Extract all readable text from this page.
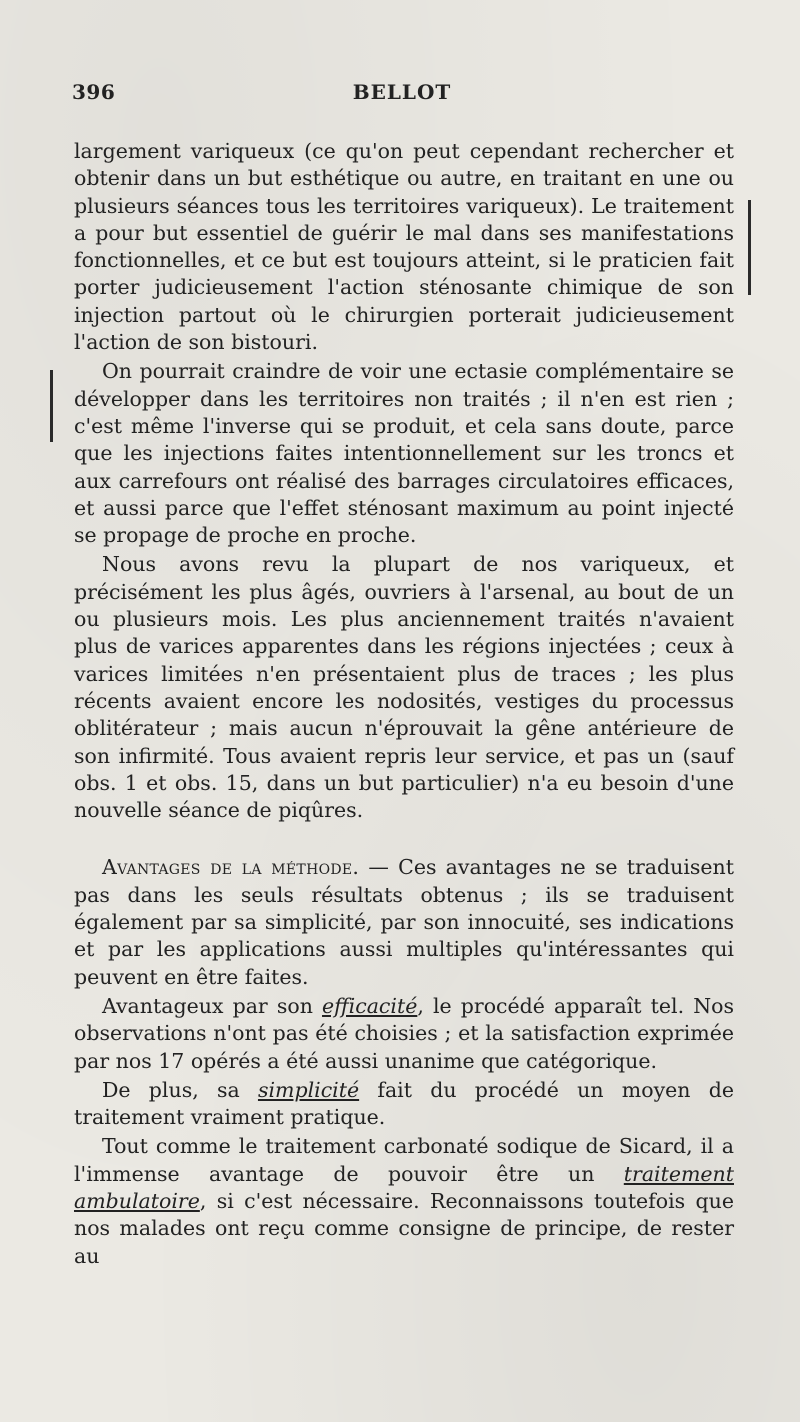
396	BELLOT

largement variqueux (ce qu'on peut cependant rechercher et obtenir dans un but esthétique ou autre, en traitant en une ou plusieurs séances tous les territoires variqueux). Le traitement a pour but essentiel de guérir le mal dans ses manifestations fonctionnelles, et ce but est toujours atteint, si le praticien fait porter judicieusement l'action sténosante chimique de son injection partout où le chirurgien porterait judicieusement l'action de son bistouri.

On pourrait craindre de voir une ectasie complémentaire se développer dans les territoires non traités ; il n'en est rien ; c'est même l'inverse qui se produit, et cela sans doute, parce que les injections faites intentionnellement sur les troncs et aux carrefours ont réalisé des barrages circulatoires efficaces, et aussi parce que l'effet sténosant maximum au point injecté se propage de proche en proche.

Nous avons revu la plupart de nos variqueux, et précisément les plus âgés, ouvriers à l'arsenal, au bout de un ou plusieurs mois. Les plus anciennement traités n'avaient plus de varices apparentes dans les régions injectées ; ceux à varices limitées n'en présentaient plus de traces ; les plus récents avaient encore les nodosités, vestiges du processus oblitérateur ; mais aucun n'éprouvait la gêne antérieure de son infirmité. Tous avaient repris leur service, et pas un (sauf obs. 1 et obs. 15, dans un but particulier) n'a eu besoin d'une nouvelle séance de piqûres.

Avantages de la méthode. — Ces avantages ne se traduisent pas dans les seuls résultats obtenus ; ils se traduisent également par sa simplicité, par son innocuité, ses indications et par les applications aussi multiples qu'intéressantes qui peuvent en être faites.

Avantageux par son efficacité, le procédé apparaît tel. Nos observations n'ont pas été choisies ; et la satisfaction exprimée par nos 17 opérés a été aussi unanime que catégorique.

De plus, sa simplicité fait du procédé un moyen de traitement vraiment pratique.

Tout comme le traitement carbonaté sodique de Sicard, il a l'immense avantage de pouvoir être un traitement ambulatoire, si c'est nécessaire. Reconnaissons toutefois que nos malades ont reçu comme consigne de principe, de rester au
